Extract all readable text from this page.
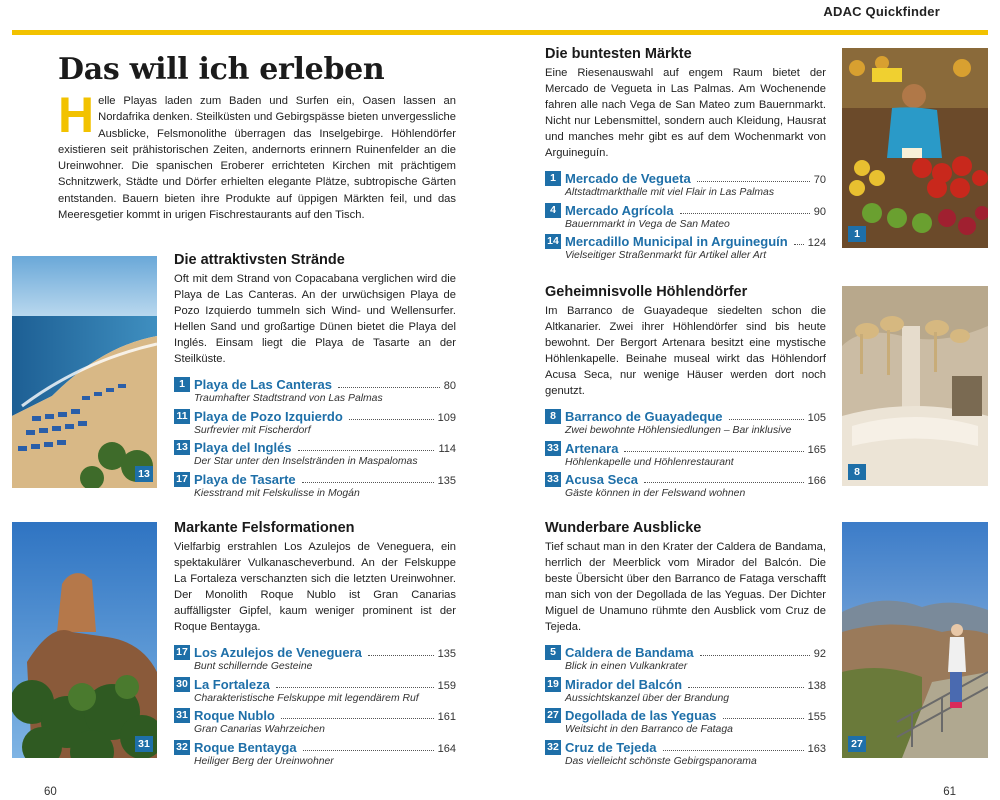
ADAC Quickfinder
Das will ich erleben
Helle Playas laden zum Baden und Surfen ein, Oasen lassen an Nordafrika denken. Steilküsten und Gebirgspässe bieten unvergessliche Ausblicke, Felsmonolithe überragen das Inselgebirge. Höhlendörfer existieren seit prähistorischen Zeiten, andernorts erinnern Ruinenfelder an die Ureinwohner. Die spanischen Eroberer errichteten Kirchen mit prächtigem Schnitzwerk, Städte und Dörfer erhielten elegante Plätze, subtropische Gärten entstanden. Bauern bieten ihre Produkte auf üppigen Märkten feil, und das Meeresgetier kommt in urigen Fischrestaurants auf den Tisch.
13
Die attraktivsten Strände
Oft mit dem Strand von Copacabana verglichen wird die Playa de Las Canteras. An der urwüchsigen Playa de Pozo Izquierdo tummeln sich Wind- und Wellensurfer. Hellen Sand und großartige Dünen bietet die Playa del Inglés. Einsam liegt die Playa de Tasarte an der Steilküste.
1 Playa de Las Canteras	80
Traumhafter Stadtstrand von Las Palmas
11 Playa de Pozo Izquierdo	109
Surfrevier mit Fischerdorf
13 Playa del Inglés	114
Der Star unter den Inselstränden in Maspalomas
17 Playa de Tasarte	135
Kiesstrand mit Felskulisse in Mogán
31
Markante Felsformationen
Vielfarbig erstrahlen Los Azulejos de Veneguera, ein spektakulärer Vulkanascheverbund. An der Felskuppe La Fortaleza verschanzten sich die letzten Ureinwohner. Der Monolith Roque Nublo ist Gran Canarias auffälligster Gipfel, kaum weniger prominent ist der Roque Bentayga.
17 Los Azulejos de Veneguera	135
Bunt schillernde Gesteine
30 La Fortaleza	159
Charakteristische Felskuppe mit legendärem Ruf
31 Roque Nublo	161
Gran Canarias Wahrzeichen
32 Roque Bentayga	164
Heiliger Berg der Ureinwohner
Die buntesten Märkte
Eine Riesenauswahl auf engem Raum bietet der Mercado de Vegueta in Las Palmas. Am Wochenende fahren alle nach Vega de San Mateo zum Bauernmarkt. Nicht nur Lebensmittel, sondern auch Kleidung, Hausrat und manches mehr gibt es auf dem Wochenmarkt von Arguineguín.
1 Mercado de Vegueta	70
Altstadtmarkthalle mit viel Flair in Las Palmas
4 Mercado Agrícola	90
Bauernmarkt in Vega de San Mateo
14 Mercadillo Municipal in Arguineguín 124
Vielseitiger Straßenmarkt für Artikel aller Art
1
Geheimnisvolle Höhlendörfer
Im Barranco de Guayadeque siedelten schon die Altkanarier. Zwei ihrer Höhlendörfer sind bis heute bewohnt. Der Bergort Artenara besitzt eine mystische Höhlenkapelle. Beinahe museal wirkt das Höhlendorf Acusa Seca, nur wenige Häuser werden dort noch genutzt.
8 Barranco de Guayadeque	105
Zwei bewohnte Höhlensiedlungen – Bar inklusive
33 Artenara	165
Höhlenkapelle und Höhlenrestaurant
33 Acusa Seca	166
Gäste können in der Felswand wohnen
8
Wunderbare Ausblicke
Tief schaut man in den Krater der Caldera de Bandama, herrlich der Meerblick vom Mirador del Balcón. Die beste Übersicht über den Barranco de Fataga verschafft man sich von der Degollada de las Yeguas. Der Dichter Miguel de Unamuno rühmte den Ausblick vom Cruz de Tejeda.
5 Caldera de Bandama	92
Blick in einen Vulkankrater
19 Mirador del Balcón	138
Aussichtskanzel über der Brandung
27 Degollada de las Yeguas	155
Weitsicht in den Barranco de Fataga
32 Cruz de Tejeda	163
Das vielleicht schönste Gebirgspanorama
27
60	61
